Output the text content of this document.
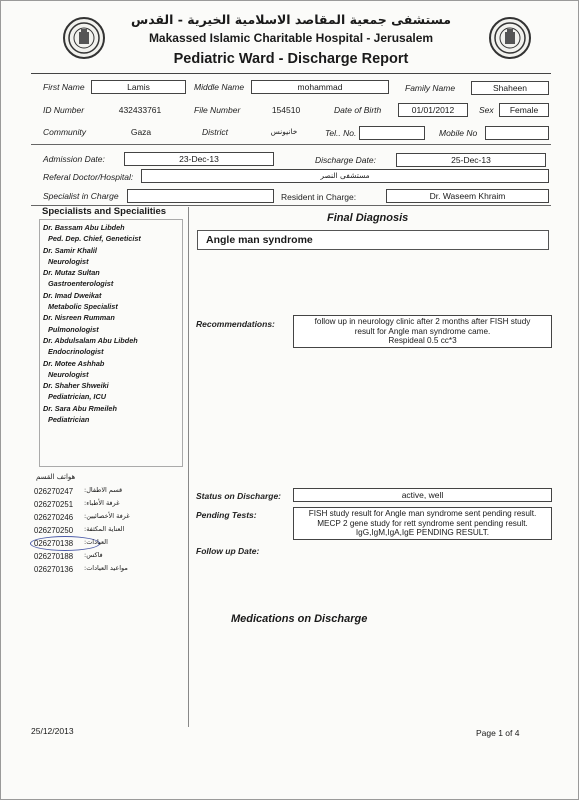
مستشفى جمعية المقاصد الاسلامية الخيرية - القدس
Makassed Islamic Charitable Hospital - Jerusalem
Pediatric Ward - Discharge Report
First Name	Lamis	Middle Name	mohammad	Family Name	Shaheen
ID Number	432433761	File Number	154510	Date of Birth	01/01/2012	Sex	Female
Community	Gaza	District	خانيونس	Tel.. No.	Mobile No
Admission Date:	23-Dec-13	Discharge Date:	25-Dec-13
Referal Doctor/Hospital:	مستشفى النصر
Specialist in Charge	Resident in Charge:	Dr. Waseem Khraim
Specialists and Specialities
Dr. Bassam Abu Libdeh
Ped. Dep. Chief, Geneticist
Dr. Samir Khalil
Neurologist
Dr. Mutaz Sultan
Gastroenterologist
Dr. Imad Dweikat
Metabolic Specialist
Dr. Nisreen Rumman
Pulmonologist
Dr. Abdulsalam Abu Libdeh
Endocrinologist
Dr. Motee Ashhab
Neurologist
Dr. Shaher Shweiki
Pediatrician, ICU
Dr. Sara Abu Rmeileh
Pediatrician
هواتف القسم
026270247 قسم الاطفال:
026270251 غرفة الأطباء:
026270246 غرفة الأخصائيين:
026270250 العناية المكثفة:
026270138 العيادات:
026270188 فاكس:
026270136 مواعيد العيادات:
Final Diagnosis
Angle man syndrome
Recommendations:	follow up in neurology clinic after 2 months after FISH study
result for Angle man syndrome came.
Respideal 0.5 cc*3
Status on Discharge:	active, well
Pending Tests:	FISH study result for Angle man syndrome sent pending result.
MECP 2 gene study for rett syndrome sent pending result.
IgG,IgM,IgA,IgE PENDING RESULT.
Follow up Date:
Medications on Discharge
25/12/2013	Page 1 of 4
